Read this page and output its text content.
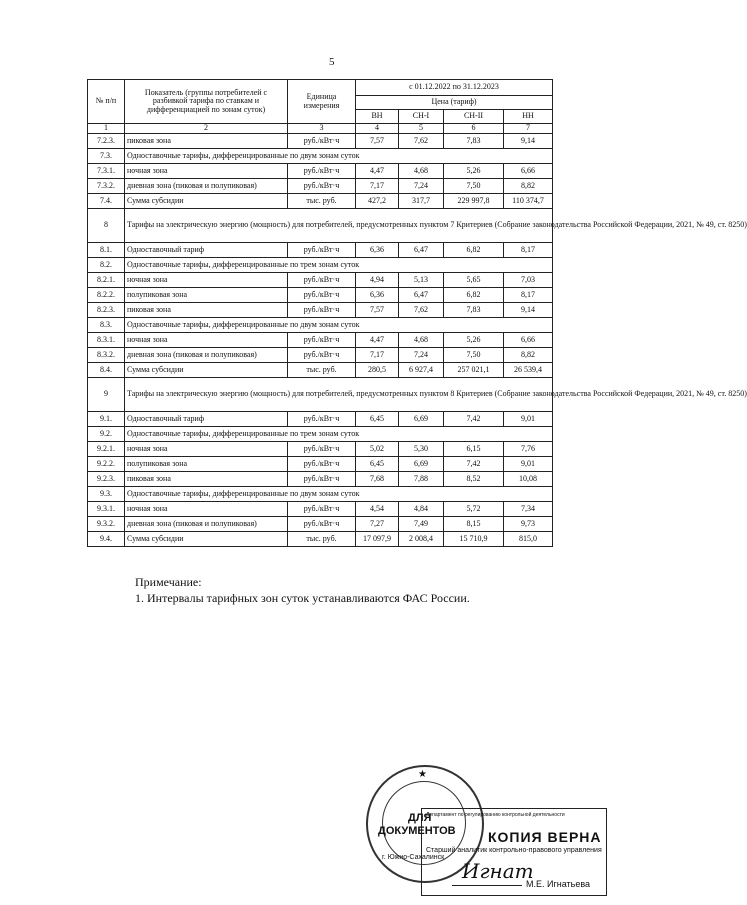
5
№ п/п	Показатель (группы потребителей с разбивкой тарифа по ставкам и дифференциацией по зонам суток)	Единица измерения	с 01.12.2022 по 31.12.2023			
			Цена (тариф)			
			ВН	СН-I	СН-II	НН
1	2	3	4	5	6	7
7.2.3.	пиковая зона	руб./кВт·ч	7,57	7,62	7,83	9,14
7.3.	Одноставочные тарифы, дифференцированные по двум зонам суток					
7.3.1.	ночная зона	руб./кВт·ч	4,47	4,68	5,26	6,66
7.3.2.	дневная зона (пиковая и полупиковая)	руб./кВт·ч	7,17	7,24	7,50	8,82
7.4.	Сумма субсидии	тыс. руб.	427,2	317,7	229 997,8	110 374,7
8	Тарифы на электрическую энергию (мощность) для потребителей, предусмотренных пунктом 7 Критериев (Собрание законодательства Российской Федерации, 2021, № 49, ст. 8250)					
8.1.	Одноставочный тариф	руб./кВт·ч	6,36	6,47	6,82	8,17
8.2.	Одноставочные тарифы, дифференцированные по трем зонам суток					
8.2.1.	ночная зона	руб./кВт·ч	4,94	5,13	5,65	7,03
8.2.2.	полупиковая зона	руб./кВт·ч	6,36	6,47	6,82	8,17
8.2.3.	пиковая зона	руб./кВт·ч	7,57	7,62	7,83	9,14
8.3.	Одноставочные тарифы, дифференцированные по двум зонам суток					
8.3.1.	ночная зона	руб./кВт·ч	4,47	4,68	5,26	6,66
8.3.2.	дневная зона (пиковая и полупиковая)	руб./кВт·ч	7,17	7,24	7,50	8,82
8.4.	Сумма субсидии	тыс. руб.	280,5	6 927,4	257 021,1	26 539,4
9	Тарифы на электрическую энергию (мощность) для потребителей, предусмотренных пунктом 8 Критериев (Собрание законодательства Российской Федерации, 2021, № 49, ст. 8250)					
9.1.	Одноставочный тариф	руб./кВт·ч	6,45	6,69	7,42	9,01
9.2.	Одноставочные тарифы, дифференцированные по трем зонам суток					
9.2.1.	ночная зона	руб./кВт·ч	5,02	5,30	6,15	7,76
9.2.2.	полупиковая зона	руб./кВт·ч	6,45	6,69	7,42	9,01
9.2.3.	пиковая зона	руб./кВт·ч	7,68	7,88	8,52	10,08
9.3.	Одноставочные тарифы, дифференцированные по двум зонам суток					
9.3.1.	ночная зона	руб./кВт·ч	4,54	4,84	5,72	7,34
9.3.2.	дневная зона (пиковая и полупиковая)	руб./кВт·ч	7,27	7,49	8,15	9,73
9.4.	Сумма субсидии	тыс. руб.	17 097,9	2 008,4	15 710,9	815,0
Примечание:
1. Интервалы тарифных зон суток устанавливаются ФАС России.
★
ДЛЯ
ДОКУМЕНТОВ
г. Южно-Сахалинск
Департамент по регулированию контрольной деятельности
КОПИЯ ВЕРНА
Старший аналитик контрольно-правового управления
Игнат
М.Е. Игнатьева
